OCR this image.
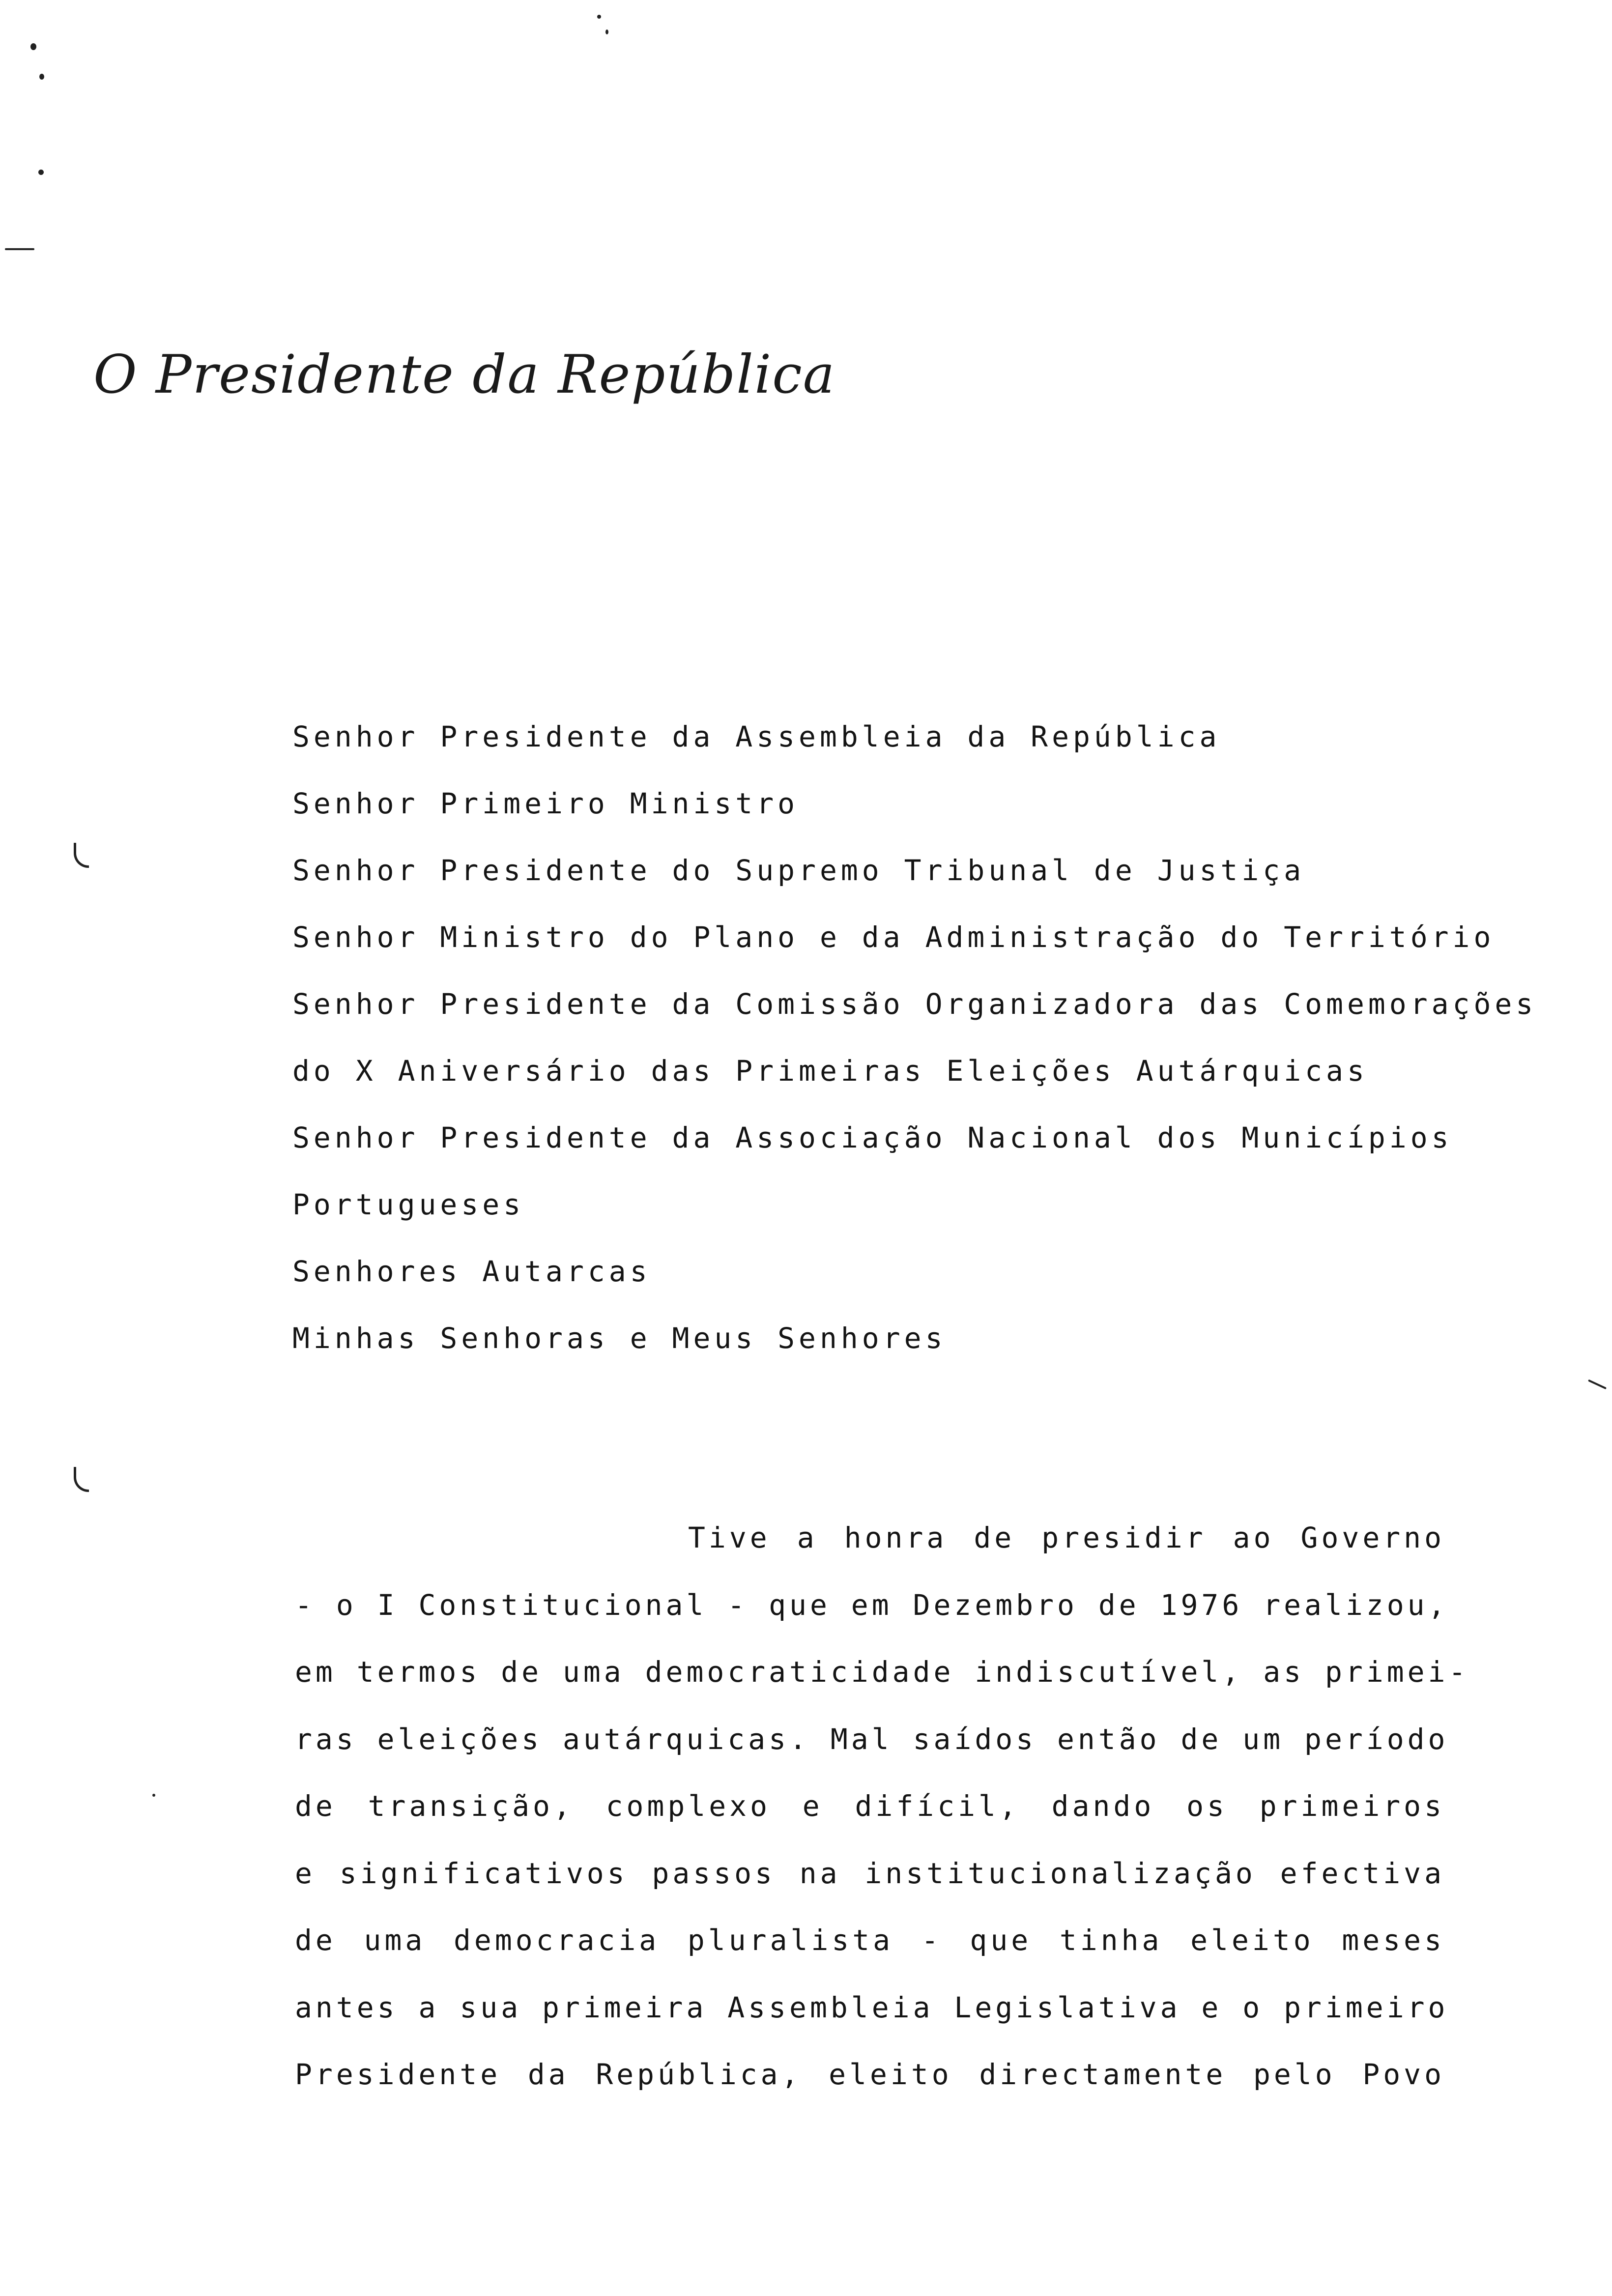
O Presidente da República
Senhor Presidente da Assembleia da República
Senhor Primeiro Ministro
Senhor Presidente do Supremo Tribunal de Justiça
Senhor Ministro do Plano e da Administração do Território
Senhor Presidente da Comissão Organizadora das Comemorações
do X Aniversário das Primeiras Eleições Autárquicas
Senhor Presidente da Associação Nacional dos Municípios
Portugueses
Senhores Autarcas
Minhas Senhoras e Meus Senhores
Tive a honra de presidir ao Governo
- o I Constitucional - que em Dezembro de 1976 realizou,
em termos de uma democraticidade indiscutível, as primei-
ras eleições autárquicas. Mal saídos então de um período
de transição, complexo e difícil, dando os primeiros
e significativos passos na institucionalização efectiva
de uma democracia pluralista - que tinha eleito meses
antes a sua primeira Assembleia Legislativa e o primeiro
Presidente da República, eleito directamente pelo Povo
